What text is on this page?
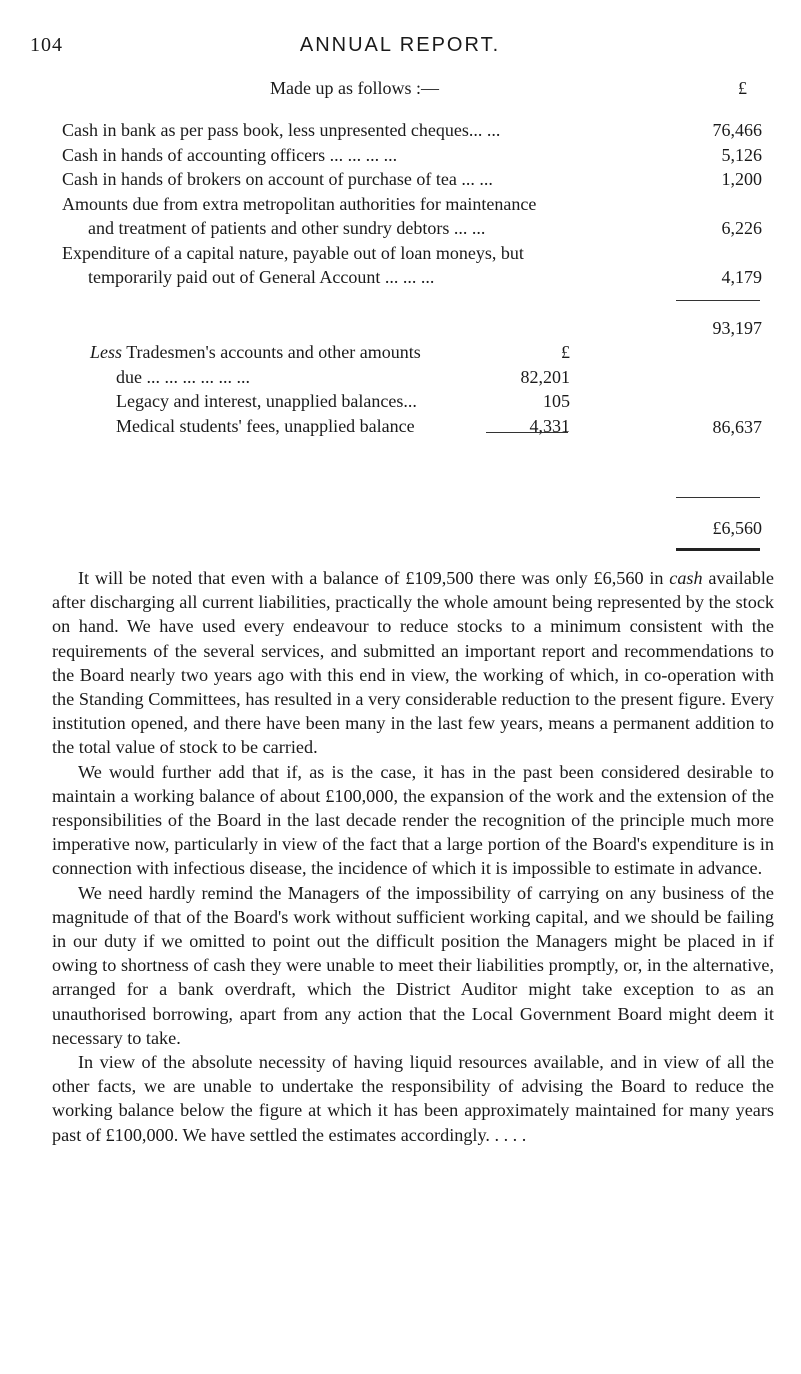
104	ANNUAL REPORT.
Made up as follows :—	£
Cash in bank as per pass book, less unpresented cheques... ...	76,466
Cash in hands of accounting officers ... ... ... ...	5,126
Cash in hands of brokers on account of purchase of tea ... ...	1,200
Amounts due from extra metropolitan authorities for maintenance
and treatment of patients and other sundry debtors ... ...	6,226
Expenditure of a capital nature, payable out of loan moneys, but
temporarily paid out of General Account ... ... ...	4,179
93,197
Less Tradesmen's accounts and other amounts	£
due ... ... ... ... ... ...	82,201
Legacy and interest, unapplied balances...	105
Medical students' fees, unapplied balance	4,331	86,637
£6,560

It will be noted that even with a balance of £109,500 there was only £6,560 in cash available after discharging all current liabilities, practically the whole amount being represented by the stock on hand. We have used every endeavour to reduce stocks to a minimum consistent with the requirements of the several services, and submitted an important report and recommendations to the Board nearly two years ago with this end in view, the working of which, in co-operation with the Standing Committees, has resulted in a very considerable reduction to the present figure. Every institution opened, and there have been many in the last few years, means a permanent addition to the total value of stock to be carried.

We would further add that if, as is the case, it has in the past been considered desirable to maintain a working balance of about £100,000, the expansion of the work and the extension of the responsibilities of the Board in the last decade render the recognition of the principle much more imperative now, particularly in view of the fact that a large portion of the Board's expenditure is in connection with infectious disease, the incidence of which it is impossible to estimate in advance.

We need hardly remind the Managers of the impossibility of carrying on any business of the magnitude of that of the Board's work without sufficient working capital, and we should be failing in our duty if we omitted to point out the difficult position the Managers might be placed in if owing to shortness of cash they were unable to meet their liabilities promptly, or, in the alternative, arranged for a bank overdraft, which the District Auditor might take exception to as an unauthorised borrowing, apart from any action that the Local Government Board might deem it necessary to take.

In view of the absolute necessity of having liquid resources available, and in view of all the other facts, we are unable to undertake the responsibility of advising the Board to reduce the working balance below the figure at which it has been approximately maintained for many years past of £100,000. We have settled the estimates accordingly. . . . .
